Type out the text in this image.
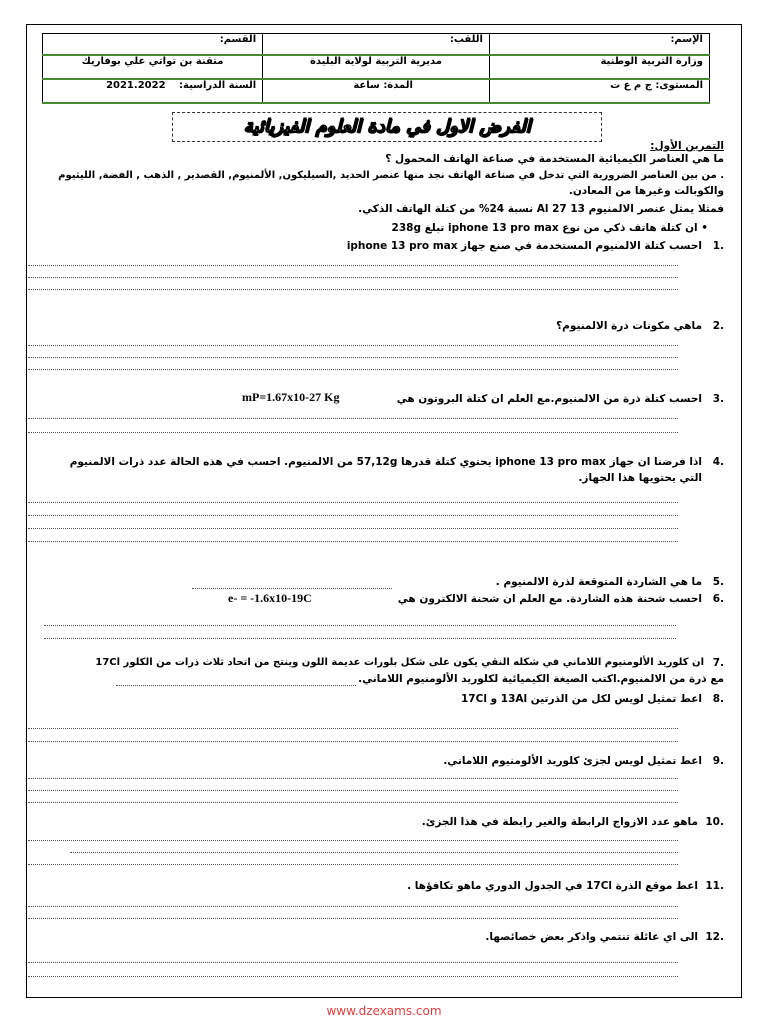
الإسم:	اللقب:	القسم:
وزارة التربية الوطنية	مديرية التربية لولاية البليدة	متقنة بن تواتي علي بوفاريك
المستوى: ج م ع ت	المدة: ساعة	السنة الدراسية: 2021.2022
الفرض الاول في مادة العلوم الفيزيائية
التمرين الأول:
ما هي العناصر الكيميائية المستخدمة في صناعة الهاتف المحمول ؟
. من بين العناصر الضرورية التي تدخل في صناعة الهاتف نجد منها عنصر الحديد ,السيليكون, الألمنيوم, القصدير , الذهب , الفضة, الليثيوم
والكوبالت وغيرها من المعادن.
فمثلا يمثل عنصر الالمنيوم Al 27 13 نسبة 24% من كتلة الهاتف الذكي.
• ان كتلة هاتف ذكي من نوع iphone 13 pro max تبلغ 238g
.1
احسب كتلة الالمنيوم المستخدمة في صنع جهاز iphone 13 pro max
.2
ماهي مكونات ذرة الالمنيوم؟
.3
احسب كتلة ذرة من الالمنيوم.مع العلم ان كتلة البروتون هي
mP=1.67x10-27 Kg
.4
اذا فرضنا ان جهاز iphone 13 pro max يحتوي كتلة قدرها 57,12g من الالمنيوم. احسب في هذه الحالة عدد ذرات الالمنيوم
التي يحتويها هذا الجهاز.
.5
ما هي الشاردة المتوقعة لذرة الالمنيوم .
.6
احسب شحنة هذه الشاردة. مع العلم ان شحنة الالكترون هي
e- = -1.6x10-19C
.7
ان كلوريد الألومنيوم اللاماني في شكله النقي يكون على شكل بلورات عديمة اللون وينتج من اتحاد ثلاث ذرات من الكلور 17Cl
مع ذرة من الالمنيوم.اكتب الصيغة الكيميائية لكلوريد الألومنيوم اللاماني.
.8
اعط تمثيل لويس لكل من الذرتين 13Al و 17Cl
.9
اعط تمثيل لويس لجزئ كلوريد الألومنيوم اللاماني.
.10
ماهو عدد الازواج الرابطة والغير رابطة في هذا الجزئ.
.11
اعط موقع الذرة 17Cl في الجدول الدوري ماهو تكافؤها .
.12
الى اي عائلة تنتمي واذكر بعض خصائصها.
www.dzexams.com
